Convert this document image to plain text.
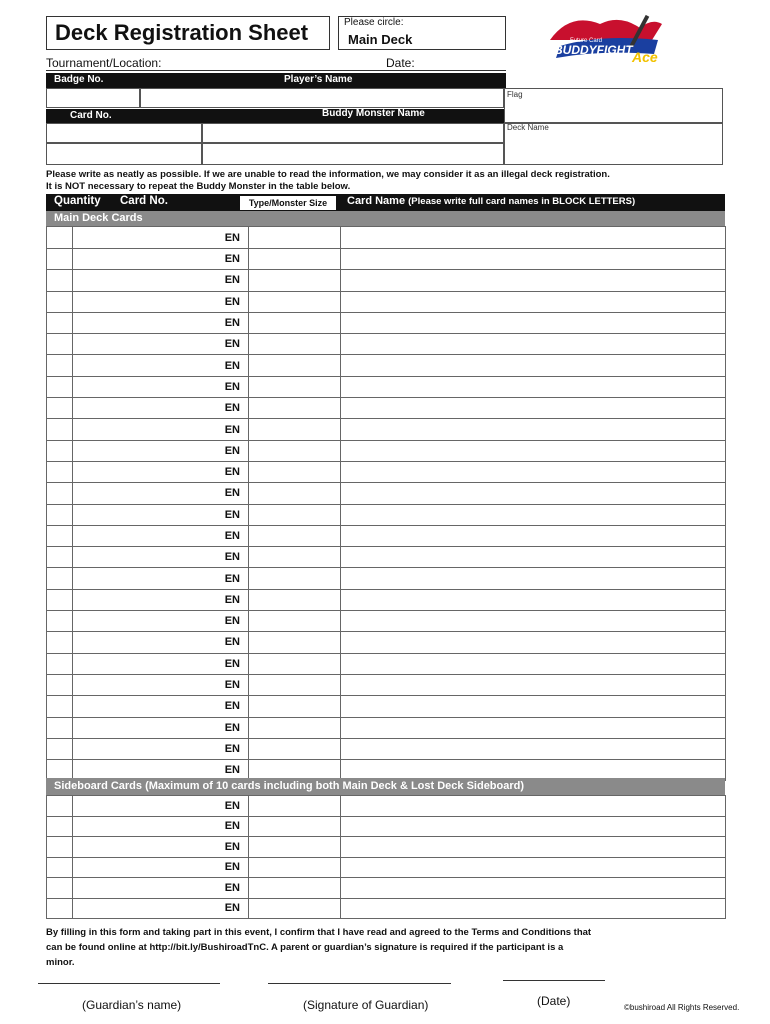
Deck Registration Sheet	Please circle:
Main Deck	Future Card
BUDDYFIGHT Ace
Tournament/Location:	Date:
Badge No.	Player’s Name
Card No.	Buddy Monster Name
Flag
Deck Name
Please write as neatly as possible. If we are unable to read the information, we may consider it as an illegal deck registration.
It is NOT necessary to repeat the Buddy Monster in the table below.
Quantity Card No.	Type/Monster Size	Card Name (Please write full card names in BLOCK LETTERS)
Main Deck Cards
	EN		
	EN		
	EN		
	EN		
	EN		
	EN		
	EN		
	EN		
	EN		
	EN		
	EN		
	EN		
	EN		
	EN		
	EN		
	EN		
	EN		
	EN		
	EN		
	EN		
	EN		
	EN		
	EN		
	EN		
	EN		
	EN		
Sideboard Cards (Maximum of 10 cards including both Main Deck & Lost Deck Sideboard)
	EN		
	EN		
	EN		
	EN		
	EN		
	EN		
By filling in this form and taking part in this event, I confirm that I have read and agreed to the Terms and Conditions that
can be found online at http://bit.ly/BushiroadTnC. A parent or guardian’s signature is required if the participant is a
minor.
(Guardian’s name)	(Signature of Guardian)	(Date)	©bushiroad All Rights Reserved.
